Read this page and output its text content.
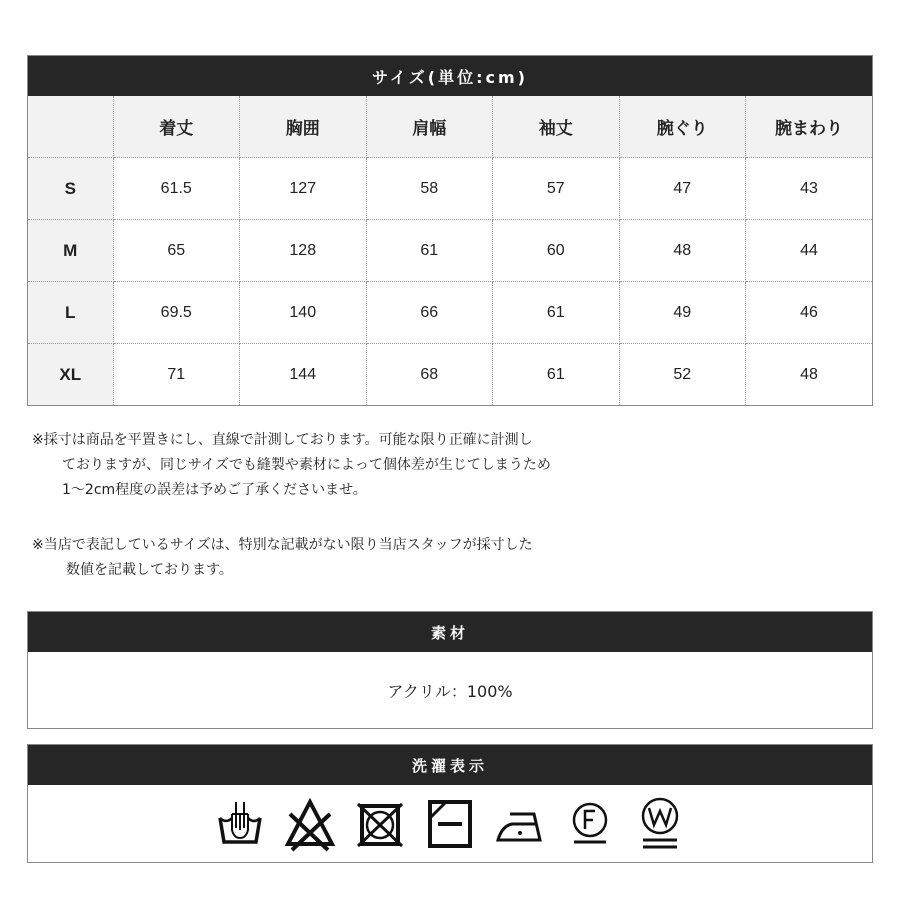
サイズ(単位:cm)
	着丈	胸囲	肩幅	袖丈	腕ぐり	腕まわり
S	61.5	127	58	57	47	43
M	65	128	61	60	48	44
L	69.5	140	66	61	49	46
XL	71	144	68	61	52	48
※採寸は商品を平置きにし、直線で計測しております。可能な限り正確に計測し
ておりますが、同じサイズでも縫製や素材によって個体差が生じてしまうため
1〜2cm程度の誤差は予めご了承くださいませ。
※当店で表記しているサイズは、特別な記載がない限り当店スタッフが採寸した
数値を記載しております。
素材
アクリル：100%
洗濯表示
